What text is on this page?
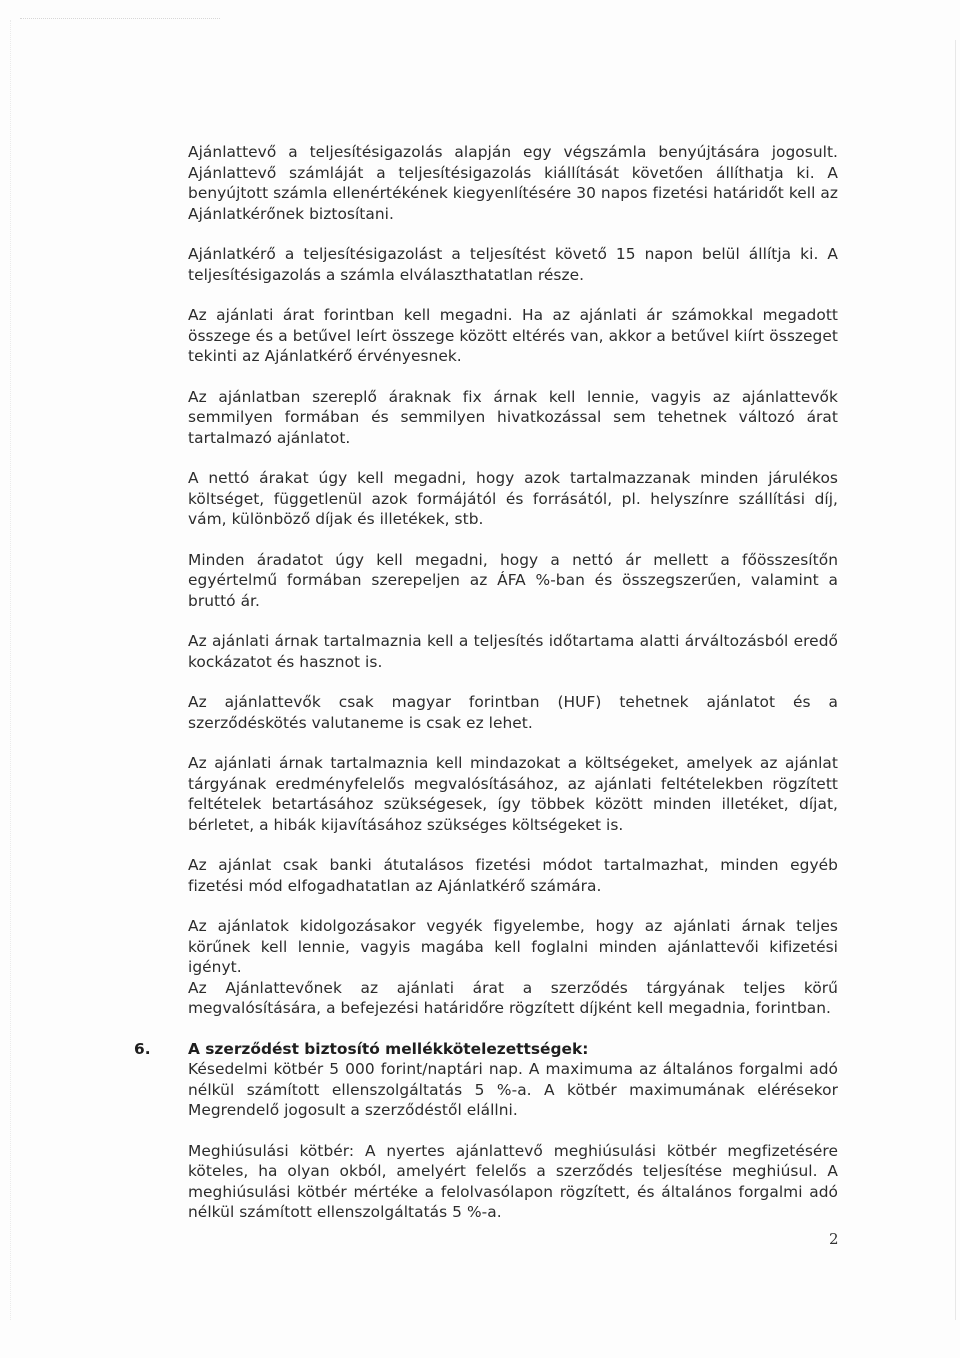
Ajánlattevő a teljesítésigazolás alapján egy végszámla benyújtására jogosult. Ajánlattevő számláját a teljesítésigazolás kiállítását követően állíthatja ki. A benyújtott számla ellenértékének kiegyenlítésére 30 napos fizetési határidőt kell az Ajánlatkérőnek biztosítani.

Ajánlatkérő a teljesítésigazolást a teljesítést követő 15 napon belül állítja ki. A teljesítésigazolás a számla elválaszthatatlan része.

Az ajánlati árat forintban kell megadni. Ha az ajánlati ár számokkal megadott összege és a betűvel leírt összege között eltérés van, akkor a betűvel kiírt összeget tekinti az Ajánlatkérő érvényesnek.

Az ajánlatban szereplő áraknak fix árnak kell lennie, vagyis az ajánlattevők semmilyen formában és semmilyen hivatkozással sem tehetnek változó árat tartalmazó ajánlatot.

A nettó árakat úgy kell megadni, hogy azok tartalmazzanak minden járulékos költséget, függetlenül azok formájától és forrásától, pl. helyszínre szállítási díj, vám, különböző díjak és illetékek, stb.

Minden áradatot úgy kell megadni, hogy a nettó ár mellett a főösszesítőn egyértelmű formában szerepeljen az ÁFA %-ban és összegszerűen, valamint a bruttó ár.

Az ajánlati árnak tartalmaznia kell a teljesítés időtartama alatti árváltozásból eredő kockázatot és hasznot is.

Az ajánlattevők csak magyar forintban (HUF) tehetnek ajánlatot és a szerződéskötés valutaneme is csak ez lehet.

Az ajánlati árnak tartalmaznia kell mindazokat a költségeket, amelyek az ajánlat tárgyának eredményfelelős megvalósításához, az ajánlati feltételekben rögzített feltételek betartásához szükségesek, így többek között minden illetéket, díjat, bérletet, a hibák kijavításához szükséges költségeket is.

Az ajánlat csak banki átutalásos fizetési módot tartalmazhat, minden egyéb fizetési mód elfogadhatatlan az Ajánlatkérő számára.

Az ajánlatok kidolgozásakor vegyék figyelembe, hogy az ajánlati árnak teljes körűnek kell lennie, vagyis magába kell foglalni minden ajánlattevői kifizetési igényt.

Az Ajánlattevőnek az ajánlati árat a szerződés tárgyának teljes körű megvalósítására, a befejezési határidőre rögzített díjként kell megadnia, forintban.

6. A szerződést biztosító mellékkötelezettségek:

Késedelmi kötbér 5 000 forint/naptári nap. A maximuma az általános forgalmi adó nélkül számított ellenszolgáltatás 5 %-a. A kötbér maximumának elérésekor Megrendelő jogosult a szerződéstől elállni.

Meghiúsulási kötbér: A nyertes ajánlattevő meghiúsulási kötbér megfizetésére köteles, ha olyan okból, amelyért felelős a szerződés teljesítése meghiúsul. A meghiúsulási kötbér mértéke a felolvasólapon rögzített, és általános forgalmi adó nélkül számított ellenszolgáltatás 5 %-a.

2
